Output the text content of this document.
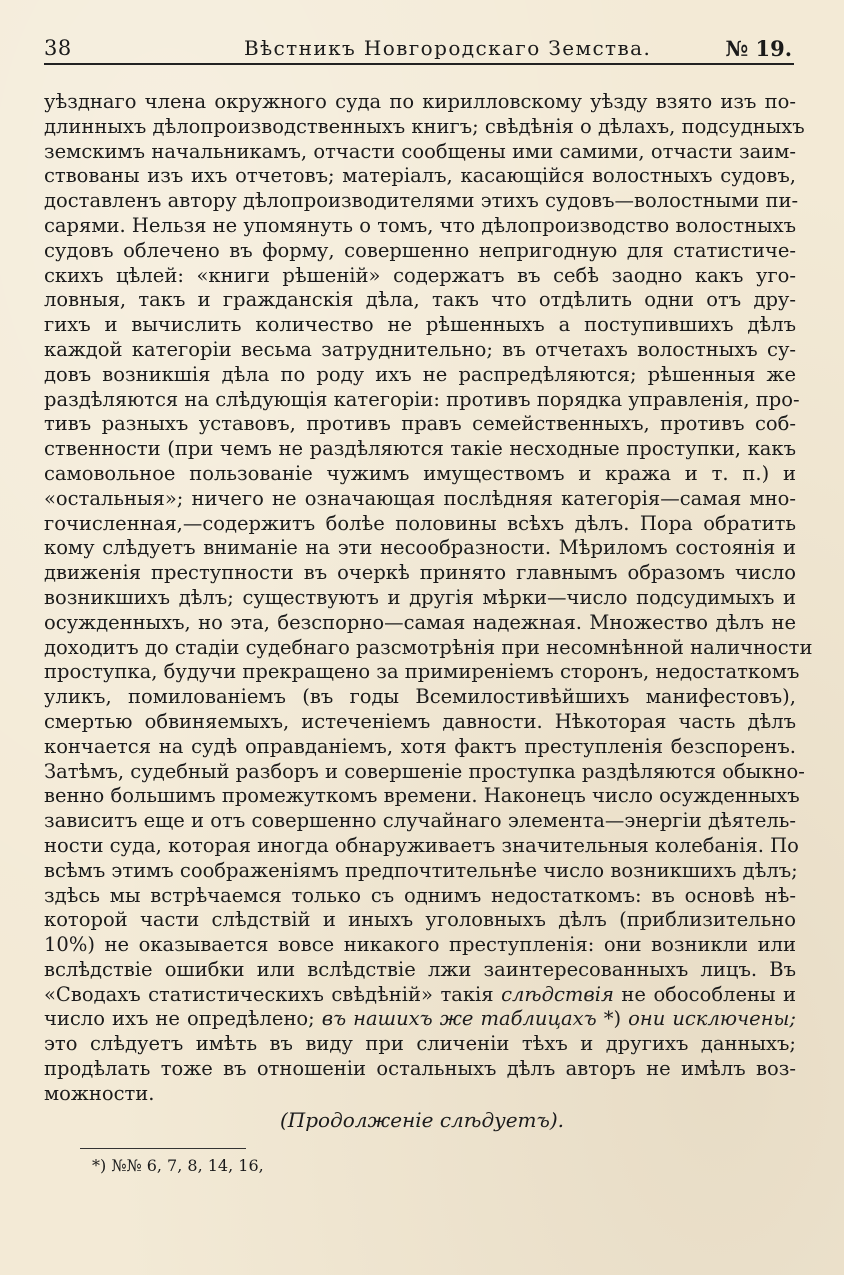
38	Вѣстникъ Новгородскаго Земства.	№ 19.
уѣзднаго члена окружного суда по кирилловскому уѣзду взято изъ по-
длинныхъ дѣлопроизводственныхъ книгъ; свѣдѣнія о дѣлахъ, подсудныхъ
земскимъ начальникамъ, отчасти сообщены ими самими, отчасти заим-
ствованы изъ ихъ отчетовъ; матеріалъ, касающійся волостныхъ судовъ,
доставленъ автору дѣлопроизводителями этихъ судовъ—волостными пи-
сарями. Нельзя не упомянуть о томъ, что дѣлопроизводство волостныхъ
судовъ облечено въ форму, совершенно непригодную для статистиче-
скихъ цѣлей: «книги рѣшеній» содержатъ въ себѣ заодно какъ уго-
ловныя, такъ и гражданскія дѣла, такъ что отдѣлить одни отъ дру-
гихъ и вычислить количество не рѣшенныхъ а поступившихъ дѣлъ
каждой категоріи весьма затруднительно; въ отчетахъ волостныхъ су-
довъ возникшія дѣла по роду ихъ не распредѣляются; рѣшенныя же
раздѣляются на слѣдующія категоріи: противъ порядка управленія, про-
тивъ разныхъ уставовъ, противъ правъ семейственныхъ, противъ соб-
ственности (при чемъ не раздѣляются такіе несходные проступки, какъ
самовольное пользованіе чужимъ имуществомъ и кража и т. п.) и
«остальныя»; ничего не означающая послѣдняя категорія—самая мно-
гочисленная,—содержитъ болѣе половины всѣхъ дѣлъ. Пора обратить
кому слѣдуетъ вниманіе на эти несообразности. Мѣриломъ состоянія и
движенія преступности въ очеркѣ принято главнымъ образомъ число
возникшихъ дѣлъ; существуютъ и другія мѣрки—число подсудимыхъ и
осужденныхъ, но эта, безспорно—самая надежная. Множество дѣлъ не
доходитъ до стадіи судебнаго разсмотрѣнія при несомнѣнной наличности
проступка, будучи прекращено за примиреніемъ сторонъ, недостаткомъ
уликъ, помилованіемъ (въ годы Всемилостивѣйшихъ манифестовъ),
смертью обвиняемыхъ, истеченіемъ давности. Нѣкоторая часть дѣлъ
кончается на судѣ оправданіемъ, хотя фактъ преступленія безспоренъ.
Затѣмъ, судебный разборъ и совершеніе проступка раздѣляются обыкно-
венно большимъ промежуткомъ времени. Наконецъ число осужденныхъ
зависитъ еще и отъ совершенно случайнаго элемента—энергіи дѣятель-
ности суда, которая иногда обнаруживаетъ значительныя колебанія. По
всѣмъ этимъ соображеніямъ предпочтительнѣе число возникшихъ дѣлъ;
здѣсь мы встрѣчаемся только съ однимъ недостаткомъ: въ основѣ нѣ-
которой части слѣдствій и иныхъ уголовныхъ дѣлъ (приблизительно
10%) не оказывается вовсе никакого преступленія: они возникли или
вслѣдствіе ошибки или вслѣдствіе лжи заинтересованныхъ лицъ. Въ
«Сводахъ статистическихъ свѣдѣній» такія слѣдствія не обособлены и
число ихъ не опредѣлено; въ нашихъ же таблицахъ *) они исключены;
это слѣдуетъ имѣть въ виду при сличеніи тѣхъ и другихъ данныхъ;
продѣлать тоже въ отношеніи остальныхъ дѣлъ авторъ не имѣлъ воз-
можности.
(Продолженіе слѣдуетъ).
*) №№ 6, 7, 8, 14, 16,
